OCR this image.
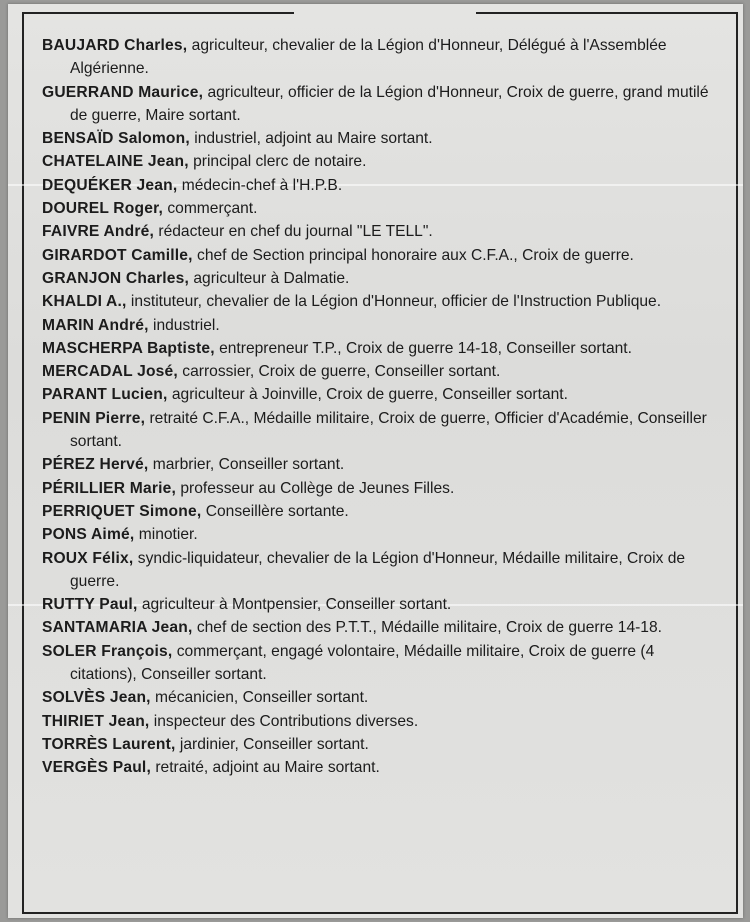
BAUJARD Charles, agriculteur, chevalier de la Légion d'Honneur, Délégué à l'Assemblée Algérienne.
GUERRAND Maurice, agriculteur, officier de la Légion d'Honneur, Croix de guerre, grand mutilé de guerre, Maire sortant.
BENSAÏD Salomon, industriel, adjoint au Maire sortant.
CHATELAINE Jean, principal clerc de notaire.
DEQUÉKER Jean, médecin-chef à l'H.P.B.
DOUREL Roger, commerçant.
FAIVRE André, rédacteur en chef du journal "LE TELL".
GIRARDOT Camille, chef de Section principal honoraire aux C.F.A., Croix de guerre.
GRANJON Charles, agriculteur à Dalmatie.
KHALDI A., instituteur, chevalier de la Légion d'Honneur, officier de l'Instruction Publique.
MARIN André, industriel.
MASCHERPA Baptiste, entrepreneur T.P., Croix de guerre 14-18, Conseiller sortant.
MERCADAL José, carrossier, Croix de guerre, Conseiller sortant.
PARANT Lucien, agriculteur à Joinville, Croix de guerre, Conseiller sortant.
PENIN Pierre, retraité C.F.A., Médaille militaire, Croix de guerre, Officier d'Académie, Conseiller sortant.
PÉREZ Hervé, marbrier, Conseiller sortant.
PÉRILLIER Marie, professeur au Collège de Jeunes Filles.
PERRIQUET Simone, Conseillère sortante.
PONS Aimé, minotier.
ROUX Félix, syndic-liquidateur, chevalier de la Légion d'Honneur, Médaille militaire, Croix de guerre.
RUTTY Paul, agriculteur à Montpensier, Conseiller sortant.
SANTAMARIA Jean, chef de section des P.T.T., Médaille militaire, Croix de guerre 14-18.
SOLER François, commerçant, engagé volontaire, Médaille militaire, Croix de guerre (4 citations), Conseiller sortant.
SOLVÈS Jean, mécanicien, Conseiller sortant.
THIRIET Jean, inspecteur des Contributions diverses.
TORRÈS Laurent, jardinier, Conseiller sortant.
VERGÈS Paul, retraité, adjoint au Maire sortant.
